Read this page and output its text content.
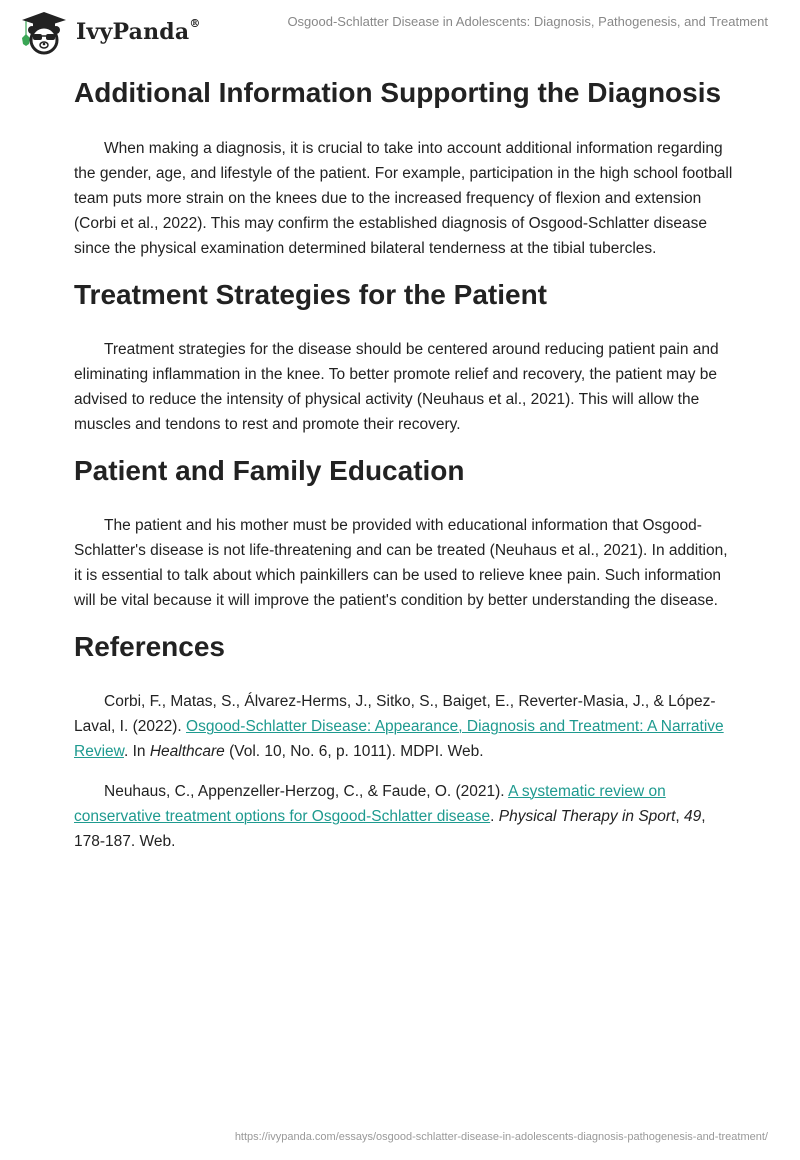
IvyPanda®	Osgood-Schlatter Disease in Adolescents: Diagnosis, Pathogenesis, and Treatment
Additional Information Supporting the Diagnosis

When making a diagnosis, it is crucial to take into account additional information regarding the gender, age, and lifestyle of the patient. For example, participation in the high school football team puts more strain on the knees due to the increased frequency of flexion and extension (Corbi et al., 2022). This may confirm the established diagnosis of Osgood-Schlatter disease since the physical examination determined bilateral tenderness at the tibial tubercles.

Treatment Strategies for the Patient

Treatment strategies for the disease should be centered around reducing patient pain and eliminating inflammation in the knee. To better promote relief and recovery, the patient may be advised to reduce the intensity of physical activity (Neuhaus et al., 2021). This will allow the muscles and tendons to rest and promote their recovery.

Patient and Family Education

The patient and his mother must be provided with educational information that Osgood-Schlatter's disease is not life-threatening and can be treated (Neuhaus et al., 2021). In addition, it is essential to talk about which painkillers can be used to relieve knee pain. Such information will be vital because it will improve the patient's condition by better understanding the disease.

References

Corbi, F., Matas, S., Álvarez-Herms, J., Sitko, S., Baiget, E., Reverter-Masia, J., & López-Laval, I. (2022). Osgood-Schlatter Disease: Appearance, Diagnosis and Treatment: A Narrative Review. In Healthcare (Vol. 10, No. 6, p. 1011). MDPI. Web.

Neuhaus, C., Appenzeller-Herzog, C., & Faude, O. (2021). A systematic review on conservative treatment options for Osgood-Schlatter disease. Physical Therapy in Sport, 49, 178-187. Web.

https://ivypanda.com/essays/osgood-schlatter-disease-in-adolescents-diagnosis-pathogenesis-and-treatment/
